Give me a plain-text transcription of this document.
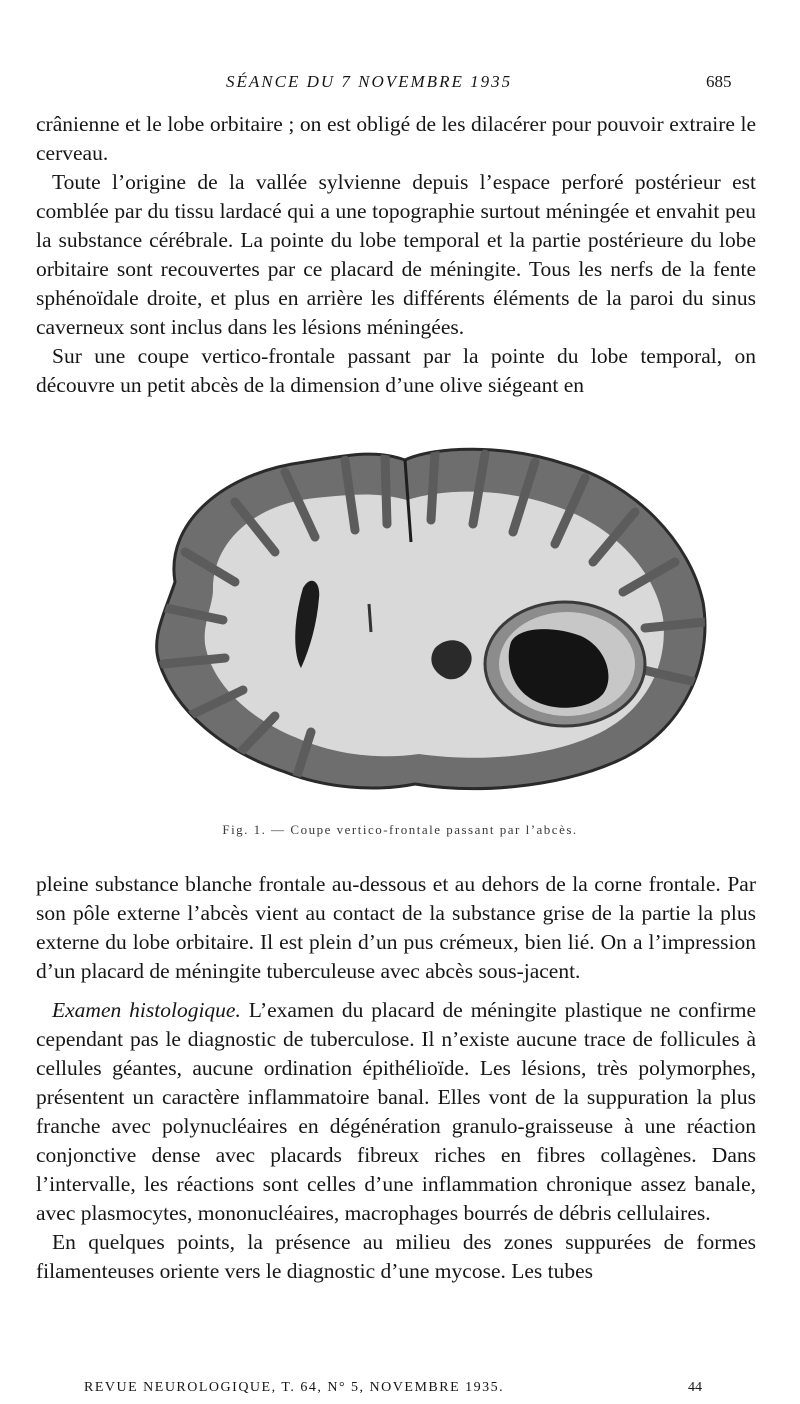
SÉANCE DU 7 NOVEMBRE 1935	685

crânienne et le lobe orbitaire ; on est obligé de les dilacérer pour pouvoir extraire le cerveau.

Toute l’origine de la vallée sylvienne depuis l’espace perforé postérieur est comblée par du tissu lardacé qui a une topographie surtout méningée et envahit peu la substance cérébrale. La pointe du lobe temporal et la partie postérieure du lobe orbitaire sont recouvertes par ce placard de méningite. Tous les nerfs de la fente sphénoïdale droite, et plus en arrière les différents éléments de la paroi du sinus caverneux sont inclus dans les lésions méningées.

Sur une coupe vertico-frontale passant par la pointe du lobe temporal, on découvre un petit abcès de la dimension d’une olive siégeant en

Fig. 1. — Coupe vertico-frontale passant par l’abcès.

pleine substance blanche frontale au-dessous et au dehors de la corne frontale. Par son pôle externe l’abcès vient au contact de la substance grise de la partie la plus externe du lobe orbitaire. Il est plein d’un pus crémeux, bien lié. On a l’impression d’un placard de méningite tuberculeuse avec abcès sous-jacent.

Examen histologique. L’examen du placard de méningite plastique ne confirme cependant pas le diagnostic de tuberculose. Il n’existe aucune trace de follicules à cellules géantes, aucune ordination épithélioïde. Les lésions, très polymorphes, présentent un caractère inflammatoire banal. Elles vont de la suppuration la plus franche avec polynucléaires en dégénération granulo-graisseuse à une réaction conjonctive dense avec placards fibreux riches en fibres collagènes. Dans l’intervalle, les réactions sont celles d’une inflammation chronique assez banale, avec plasmocytes, mononucléaires, macrophages bourrés de débris cellulaires.

En quelques points, la présence au milieu des zones suppurées de formes filamenteuses oriente vers le diagnostic d’une mycose. Les tubes

REVUE NEUROLOGIQUE, T. 64, N° 5, NOVEMBRE 1935.	44
